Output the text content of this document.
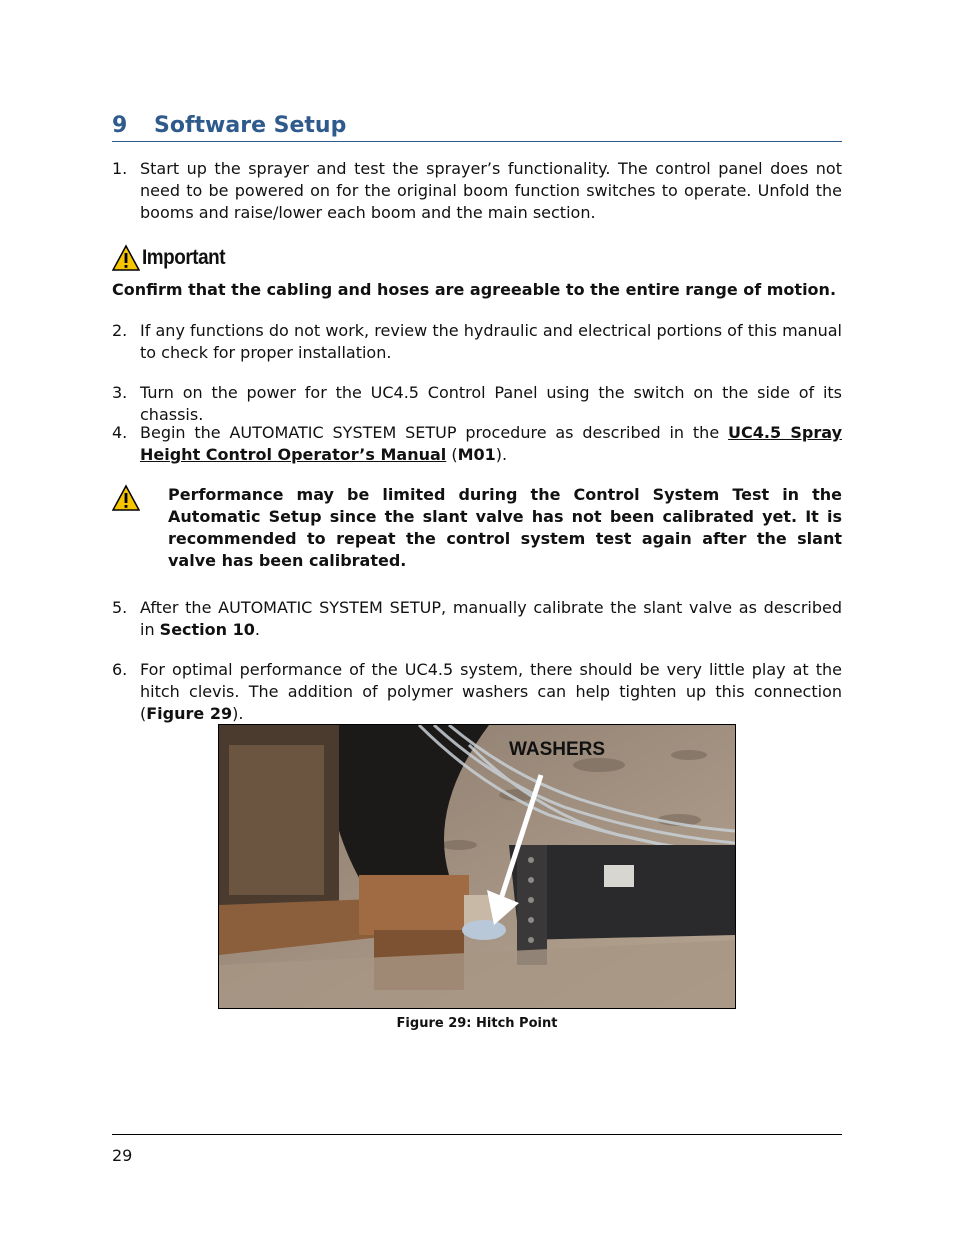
9 Software Setup
1. Start up the sprayer and test the sprayer’s functionality. The control panel does not need to be powered on for the original boom function switches to operate. Unfold the booms and raise/lower each boom and the main section.
Important
Confirm that the cabling and hoses are agreeable to the entire range of motion.
2. If any functions do not work, review the hydraulic and electrical portions of this manual to check for proper installation.
3. Turn on the power for the UC4.5 Control Panel using the switch on the side of its chassis.
4. Begin the AUTOMATIC SYSTEM SETUP procedure as described in the UC4.5 Spray Height Control Operator’s Manual (M01).
Performance may be limited during the Control System Test in the Automatic Setup since the slant valve has not been calibrated yet. It is recommended to repeat the control system test again after the slant valve has been calibrated.
5. After the AUTOMATIC SYSTEM SETUP, manually calibrate the slant valve as described in Section 10.
6. For optimal performance of the UC4.5 system, there should be very little play at the hitch clevis. The addition of polymer washers can help tighten up this connection (Figure 29).
WASHERS
Figure 29: Hitch Point
29
